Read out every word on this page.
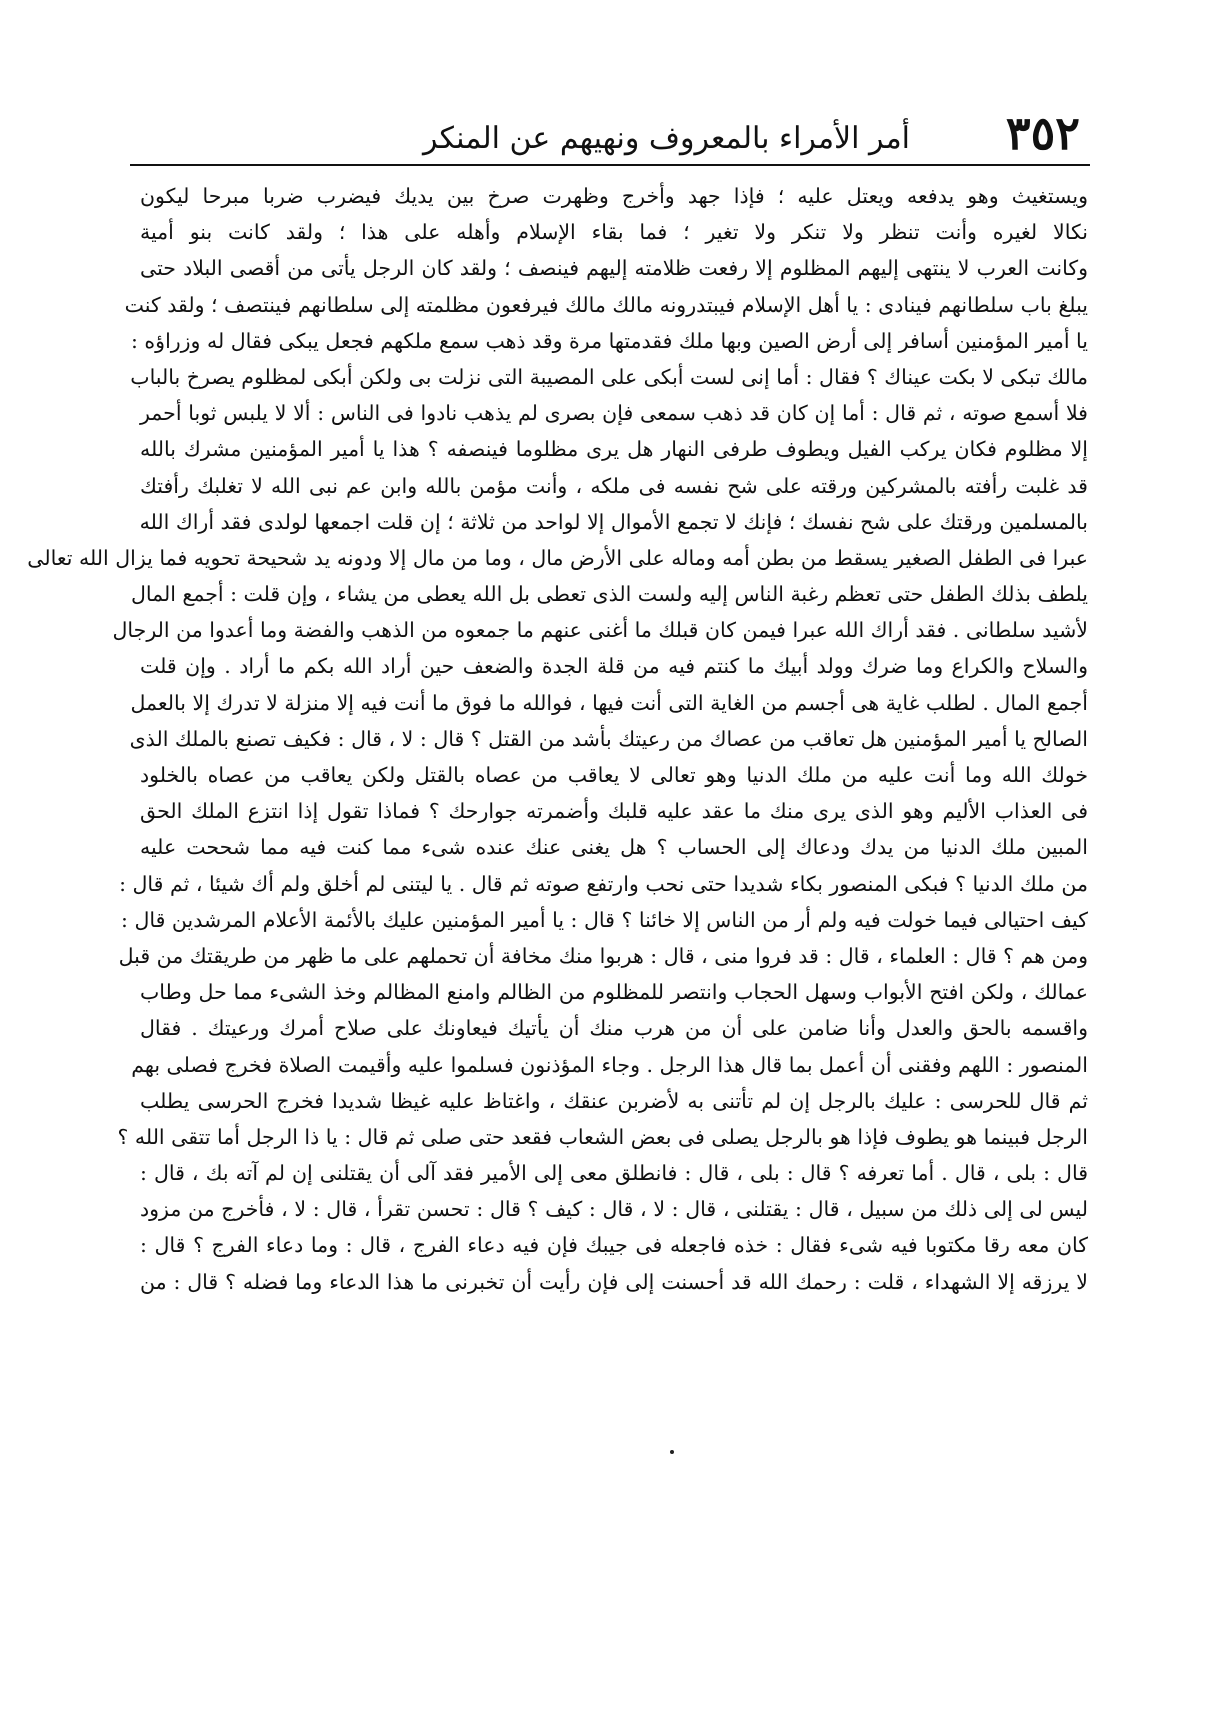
٣٥٢
أمر الأمراء بالمعروف ونهيهم عن المنكر
ويستغيث وهو يدفعه ويعتل عليه ؛ فإذا جهد وأخرج وظهرت صرخ بين يديك فيضرب ضربا مبرحا ليكون
نكالا لغيره وأنت تنظر ولا تنكر ولا تغير ؛ فما بقاء الإسلام وأهله على هذا ؛ ولقد كانت بنو أمية
وكانت العرب لا ينتهى إليهم المظلوم إلا رفعت ظلامته إليهم فينصف ؛ ولقد كان الرجل يأتى من أقصى البلاد حتى
يبلغ باب سلطانهم فينادى : يا أهل الإسلام فيبتدرونه مالك مالك فيرفعون مظلمته إلى سلطانهم فينتصف ؛ ولقد كنت
يا أمير المؤمنين أسافر إلى أرض الصين وبها ملك فقدمتها مرة وقد ذهب سمع ملكهم فجعل يبكى فقال له وزراؤه :
مالك تبكى لا بكت عيناك ؟ فقال : أما إنى لست أبكى على المصيبة التى نزلت بى ولكن أبكى لمظلوم يصرخ بالباب
فلا أسمع صوته ، ثم قال : أما إن كان قد ذهب سمعى فإن بصرى لم يذهب نادوا فى الناس : ألا لا يلبس ثوبا أحمر
إلا مظلوم فكان يركب الفيل ويطوف طرفى النهار هل يرى مظلوما فينصفه ؟ هذا يا أمير المؤمنين مشرك بالله
قد غلبت رأفته بالمشركين ورقته على شح نفسه فى ملكه ، وأنت مؤمن بالله وابن عم نبى الله لا تغلبك رأفتك
بالمسلمين ورقتك على شح نفسك ؛ فإنك لا تجمع الأموال إلا لواحد من ثلاثة ؛ إن قلت اجمعها لولدى فقد أراك الله
عبرا فى الطفل الصغير يسقط من بطن أمه وماله على الأرض مال ، وما من مال إلا ودونه يد شحيحة تحويه فما يزال الله تعالى
يلطف بذلك الطفل حتى تعظم رغبة الناس إليه ولست الذى تعطى بل الله يعطى من يشاء ، وإن قلت : أجمع المال
لأشيد سلطانى . فقد أراك الله عبرا فيمن كان قبلك ما أغنى عنهم ما جمعوه من الذهب والفضة وما أعدوا من الرجال
والسلاح والكراع وما ضرك وولد أبيك ما كنتم فيه من قلة الجدة والضعف حين أراد الله بكم ما أراد . وإن قلت
أجمع المال . لطلب غاية هى أجسم من الغاية التى أنت فيها ، فوالله ما فوق ما أنت فيه إلا منزلة لا تدرك إلا بالعمل
الصالح يا أمير المؤمنين هل تعاقب من عصاك من رعيتك بأشد من القتل ؟ قال : لا ، قال : فكيف تصنع بالملك الذى
خولك الله وما أنت عليه من ملك الدنيا وهو تعالى لا يعاقب من عصاه بالقتل ولكن يعاقب من عصاه بالخلود
فى العذاب الأليم وهو الذى يرى منك ما عقد عليه قلبك وأضمرته جوارحك ؟ فماذا تقول إذا انتزع الملك الحق
المبين ملك الدنيا من يدك ودعاك إلى الحساب ؟ هل يغنى عنك عنده شىء مما كنت فيه مما شححت عليه
من ملك الدنيا ؟ فبكى المنصور بكاء شديدا حتى نحب وارتفع صوته ثم قال . يا ليتنى لم أخلق ولم أك شيئا ، ثم قال :
كيف احتيالى فيما خولت فيه ولم أر من الناس إلا خائنا ؟ قال : يا أمير المؤمنين عليك بالأئمة الأعلام المرشدين قال :
ومن هم ؟ قال : العلماء ، قال : قد فروا منى ، قال : هربوا منك مخافة أن تحملهم على ما ظهر من طريقتك من قبل
عمالك ، ولكن افتح الأبواب وسهل الحجاب وانتصر للمظلوم من الظالم وامنع المظالم وخذ الشىء مما حل وطاب
واقسمه بالحق والعدل وأنا ضامن على أن من هرب منك أن يأتيك فيعاونك على صلاح أمرك ورعيتك . فقال
المنصور : اللهم وفقنى أن أعمل بما قال هذا الرجل . وجاء المؤذنون فسلموا عليه وأقيمت الصلاة فخرج فصلى بهم
ثم قال للحرسى : عليك بالرجل إن لم تأتنى به لأضربن عنقك ، واغتاظ عليه غيظا شديدا فخرج الحرسى يطلب
الرجل فبينما هو يطوف فإذا هو بالرجل يصلى فى بعض الشعاب فقعد حتى صلى ثم قال : يا ذا الرجل أما تتقى الله ؟
قال : بلى ، قال . أما تعرفه ؟ قال : بلى ، قال : فانطلق معى إلى الأمير فقد آلى أن يقتلنى إن لم آته بك ، قال :
ليس لى إلى ذلك من سبيل ، قال : يقتلنى ، قال : لا ، قال : كيف ؟ قال : تحسن تقرأ ، قال : لا ، فأخرج من مزود
كان معه رقا مكتوبا فيه شىء فقال : خذه فاجعله فى جيبك فإن فيه دعاء الفرج ، قال : وما دعاء الفرج ؟ قال :
لا يرزقه إلا الشهداء ، قلت : رحمك الله قد أحسنت إلى فإن رأيت أن تخبرنى ما هذا الدعاء وما فضله ؟ قال : من
